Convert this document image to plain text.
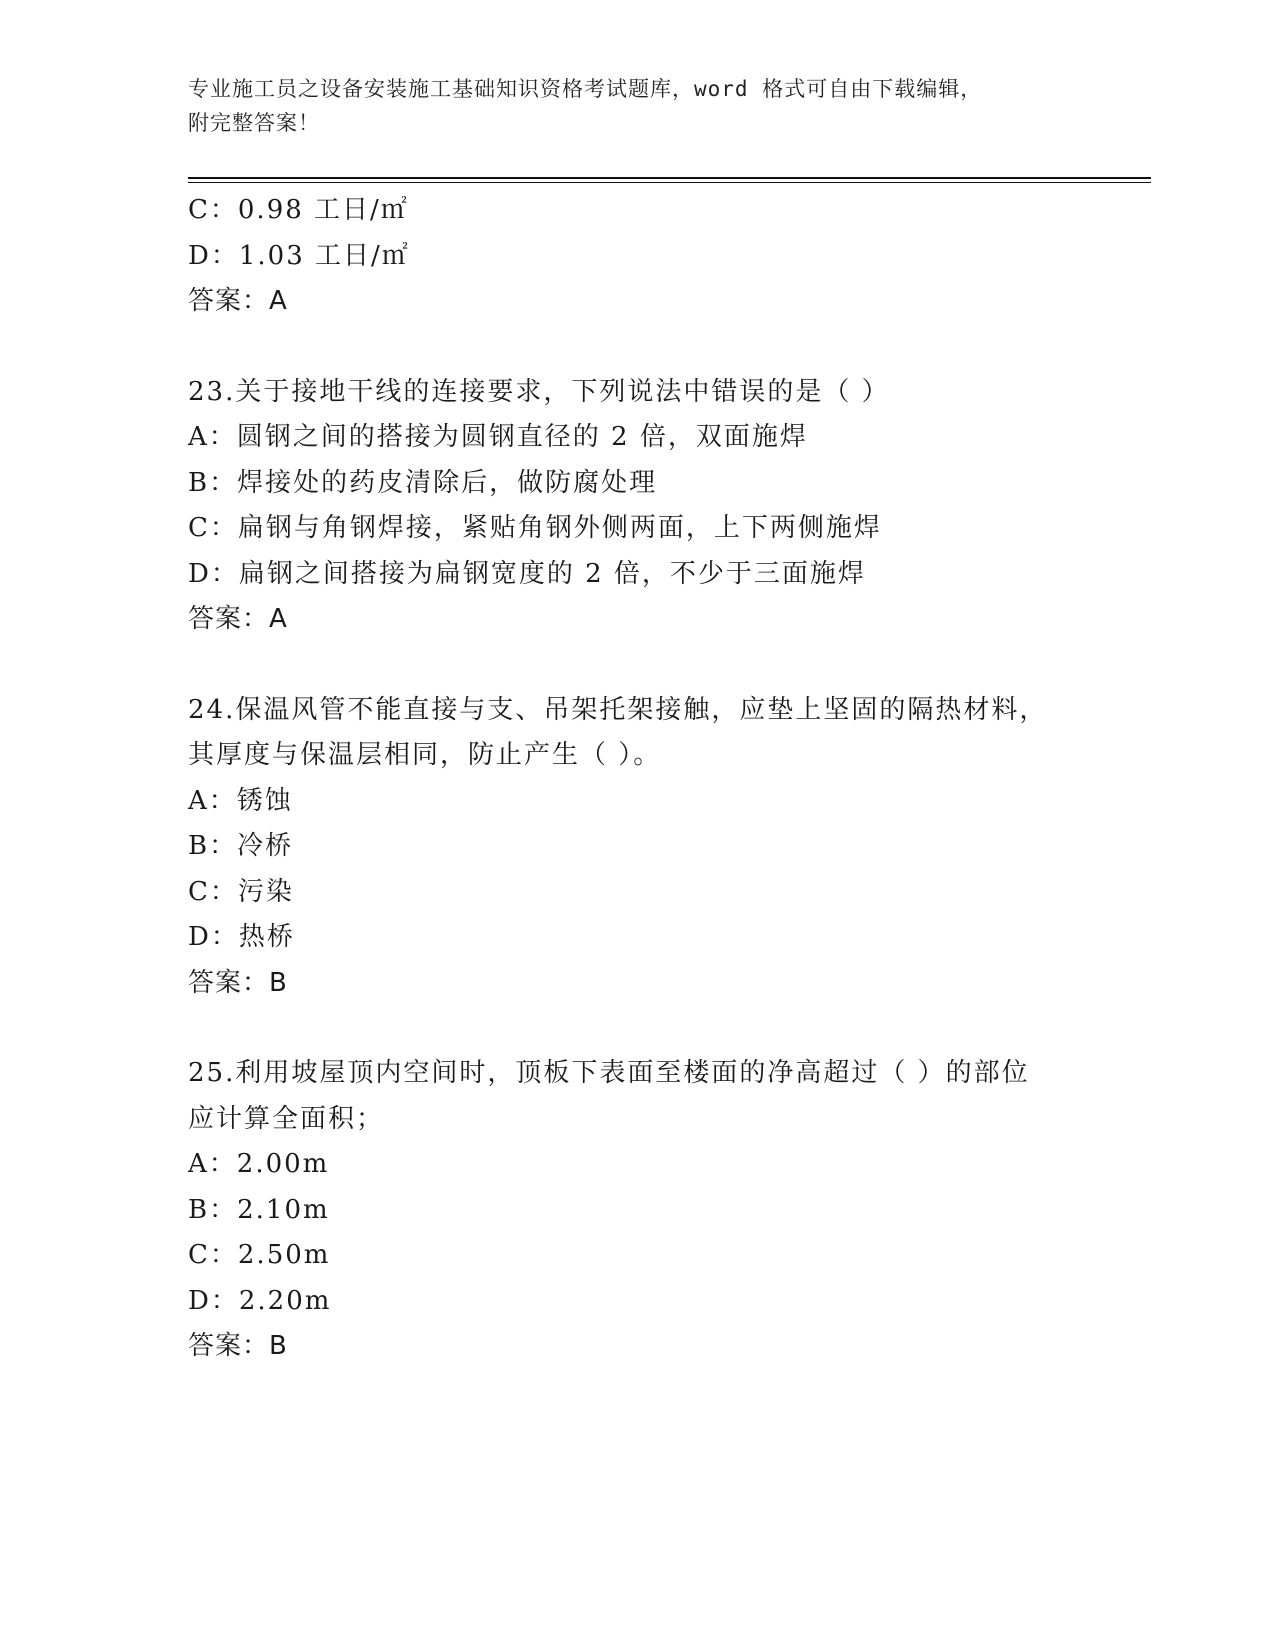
专业施工员之设备安装施工基础知识资格考试题库，word 格式可自由下载编辑，
附完整答案！
C：0.98 工日/㎡
D：1.03 工日/㎡
答案：A
23.关于接地干线的连接要求，下列说法中错误的是（ ）
A：圆钢之间的搭接为圆钢直径的 2 倍，双面施焊
B：焊接处的药皮清除后，做防腐处理
C：扁钢与角钢焊接，紧贴角钢外侧两面，上下两侧施焊
D：扁钢之间搭接为扁钢宽度的 2 倍，不少于三面施焊
答案：A
24.保温风管不能直接与支、吊架托架接触，应垫上坚固的隔热材料，
其厚度与保温层相同，防止产生（ ）。
A：锈蚀
B：冷桥
C：污染
D：热桥
答案：B
25.利用坡屋顶内空间时，顶板下表面至楼面的净高超过（ ）的部位
应计算全面积；
A：2.00m
B：2.10m
C：2.50m
D：2.20m
答案：B
